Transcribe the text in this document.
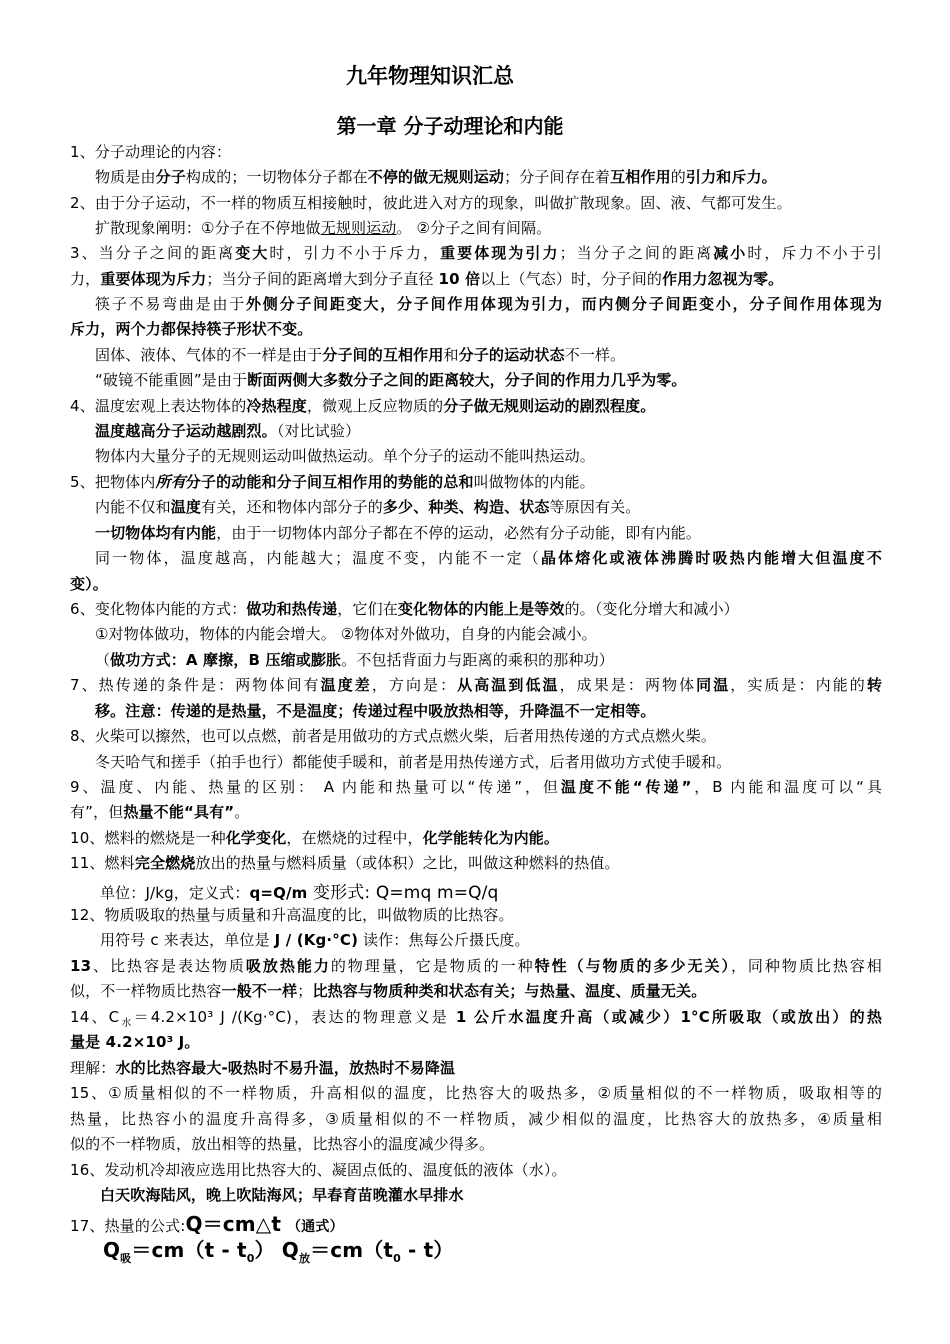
九年物理知识汇总
第一章 分子动理论和内能
1、分子动理论的内容：
物质是由分子构成的；一切物体分子都在不停的做无规则运动；分子间存在着互相作用的引力和斥力。
2、由于分子运动，不一样的物质互相接触时，彼此进入对方的现象，叫做扩散现象。固、液、气都可发生。
扩散现象阐明：①分子在不停地做无规则运动。 ②分子之间有间隔。
3、当分子之间的距离变大时，引力不小于斥力，重要体现为引力；当分子之间的距离减小时，斥力不小于引
力，重要体现为斥力；当分子间的距离增大到分子直径 10 倍以上（气态）时，分子间的作用力忽视为零。
筷子不易弯曲是由于外侧分子间距变大，分子间作用体现为引力，而内侧分子间距变小，分子间作用体现为
斥力，两个力都保持筷子形状不变。
固体、液体、气体的不一样是由于分子间的互相作用和分子的运动状态不一样。
“破镜不能重圆”是由于断面两侧大多数分子之间的距离较大，分子间的作用力几乎为零。
4、温度宏观上表达物体的冷热程度，微观上反应物质的分子做无规则运动的剧烈程度。
温度越高分子运动越剧烈。（对比试验）
物体内大量分子的无规则运动叫做热运动。单个分子的运动不能叫热运动。
5、把物体内所有分子的动能和分子间互相作用的势能的总和叫做物体的内能。
内能不仅和温度有关，还和物体内部分子的多少、种类、构造、状态等原因有关。
一切物体均有内能，由于一切物体内部分子都在不停的运动，必然有分子动能，即有内能。
同一物体，温度越高，内能越大；温度不变，内能不一定（晶体熔化或液体沸腾时吸热内能增大但温度不
变）。
6、变化物体内能的方式：做功和热传递，它们在变化物体的内能上是等效的。（变化分增大和减小）
①对物体做功，物体的内能会增大。 ②物体对外做功，自身的内能会减小。
（做功方式：A 摩擦，B 压缩或膨胀。不包括背面力与距离的乘积的那种功）
7、热传递的条件是：两物体间有温度差，方向是：从高温到低温，成果是：两物体同温，实质是：内能的转
移。注意：传递的是热量，不是温度；传递过程中吸放热相等，升降温不一定相等。
8、火柴可以擦然，也可以点燃，前者是用做功的方式点燃火柴，后者用热传递的方式点燃火柴。
冬天哈气和搓手（拍手也行）都能使手暖和，前者是用热传递方式，后者用做功方式使手暖和。
9、温度、内能、热量的区别： A 内能和热量可以“传递”，但温度不能“传递”，B 内能和温度可以“具
有”，但热量不能“具有”。
10、燃料的燃烧是一种化学变化，在燃烧的过程中，化学能转化为内能。
11、燃料完全燃烧放出的热量与燃料质量（或体积）之比，叫做这种燃料的热值。
单位：J/kg，定义式：q=Q/m 变形式: Q=mq m=Q/q
12、物质吸取的热量与质量和升高温度的比，叫做物质的比热容。
用符号 c 来表达，单位是 J / (Kg·°C) 读作：焦每公斤摄氏度。
13、比热容是表达物质吸放热能力的物理量，它是物质的一种特性（与物质的多少无关），同种物质比热容相
似，不一样物质比热容一般不一样；比热容与物质种类和状态有关；与热量、温度、质量无关。
14、$C_水=4.2\times 10^3$ J /(Kg·°C)，表达的物理意义是 1 公斤水温度升高（或减少）1°C所吸取（或放出）的热
量是 4.2×10³ J。
理解：水的比热容最大-吸热时不易升温，放热时不易降温
15、①质量相似的不一样物质，升高相似的温度，比热容大的吸热多，②质量相似的不一样物质，吸取相等的
热量，比热容小的温度升高得多，③质量相似的不一样物质，减少相似的温度，比热容大的放热多，④质量相
似的不一样物质，放出相等的热量，比热容小的温度减少得多。
16、发动机冷却液应选用比热容大的、凝固点低的、温度低的液体（水）。
白天吹海陆风，晚上吹陆海风；早春育苗晚灌水早排水
17、热量的公式:Q＝cm△t （通式）
$Q_吸=cm(t - t_0)$ $Q_放=cm(t_0 - t)$
